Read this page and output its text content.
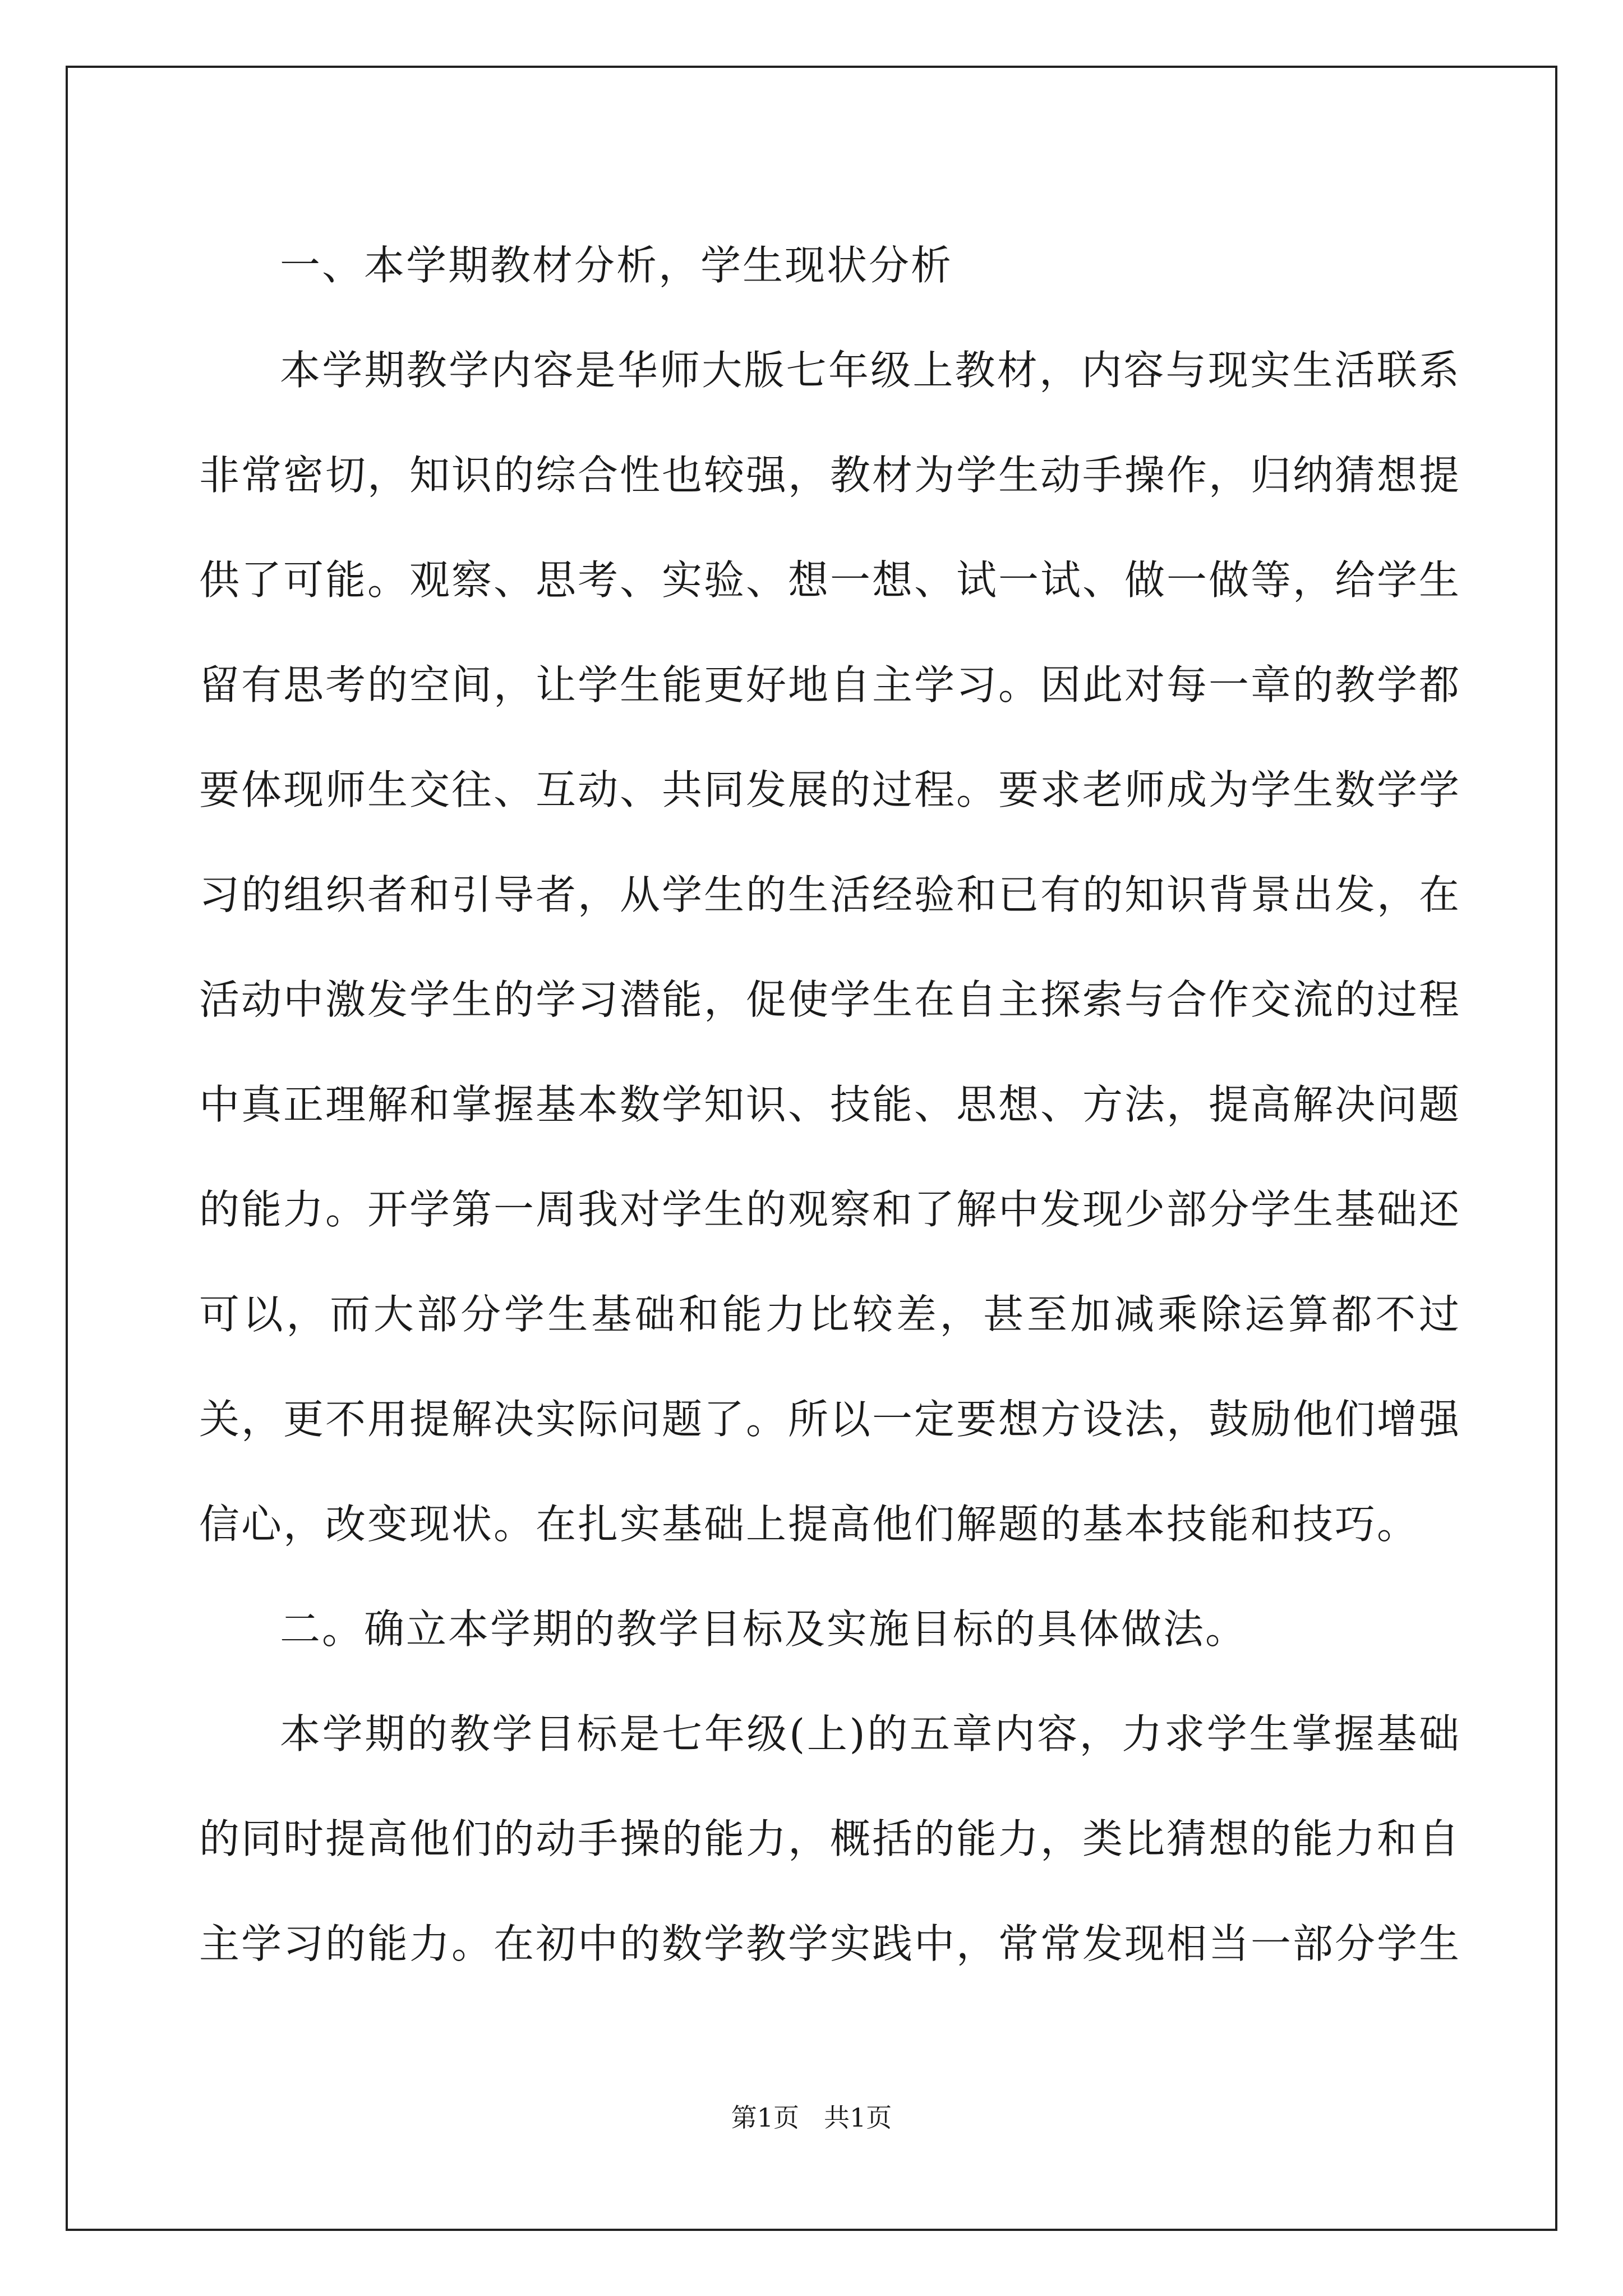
一、本学期教材分析，学生现状分析

本学期教学内容是华师大版七年级上教材，内容与现实生活联系非常密切，知识的综合性也较强，教材为学生动手操作，归纳猜想提供了可能。观察、思考、实验、想一想、试一试、做一做等，给学生留有思考的空间，让学生能更好地自主学习。因此对每一章的教学都要体现师生交往、互动、共同发展的过程。要求老师成为学生数学学习的组织者和引导者，从学生的生活经验和已有的知识背景出发，在活动中激发学生的学习潜能，促使学生在自主探索与合作交流的过程中真正理解和掌握基本数学知识、技能、思想、方法，提高解决问题的能力。开学第一周我对学生的观察和了解中发现少部分学生基础还可以，而大部分学生基础和能力比较差，甚至加减乘除运算都不过关，更不用提解决实际问题了。所以一定要想方设法，鼓励他们增强信心，改变现状。在扎实基础上提高他们解题的基本技能和技巧。

二。确立本学期的教学目标及实施目标的具体做法。

本学期的教学目标是七年级(上)的五章内容，力求学生掌握基础的同时提高他们的动手操的能力，概括的能力，类比猜想的能力和自主学习的能力。在初中的数学教学实践中，常常发现相当一部分学生

第1页 共1页
